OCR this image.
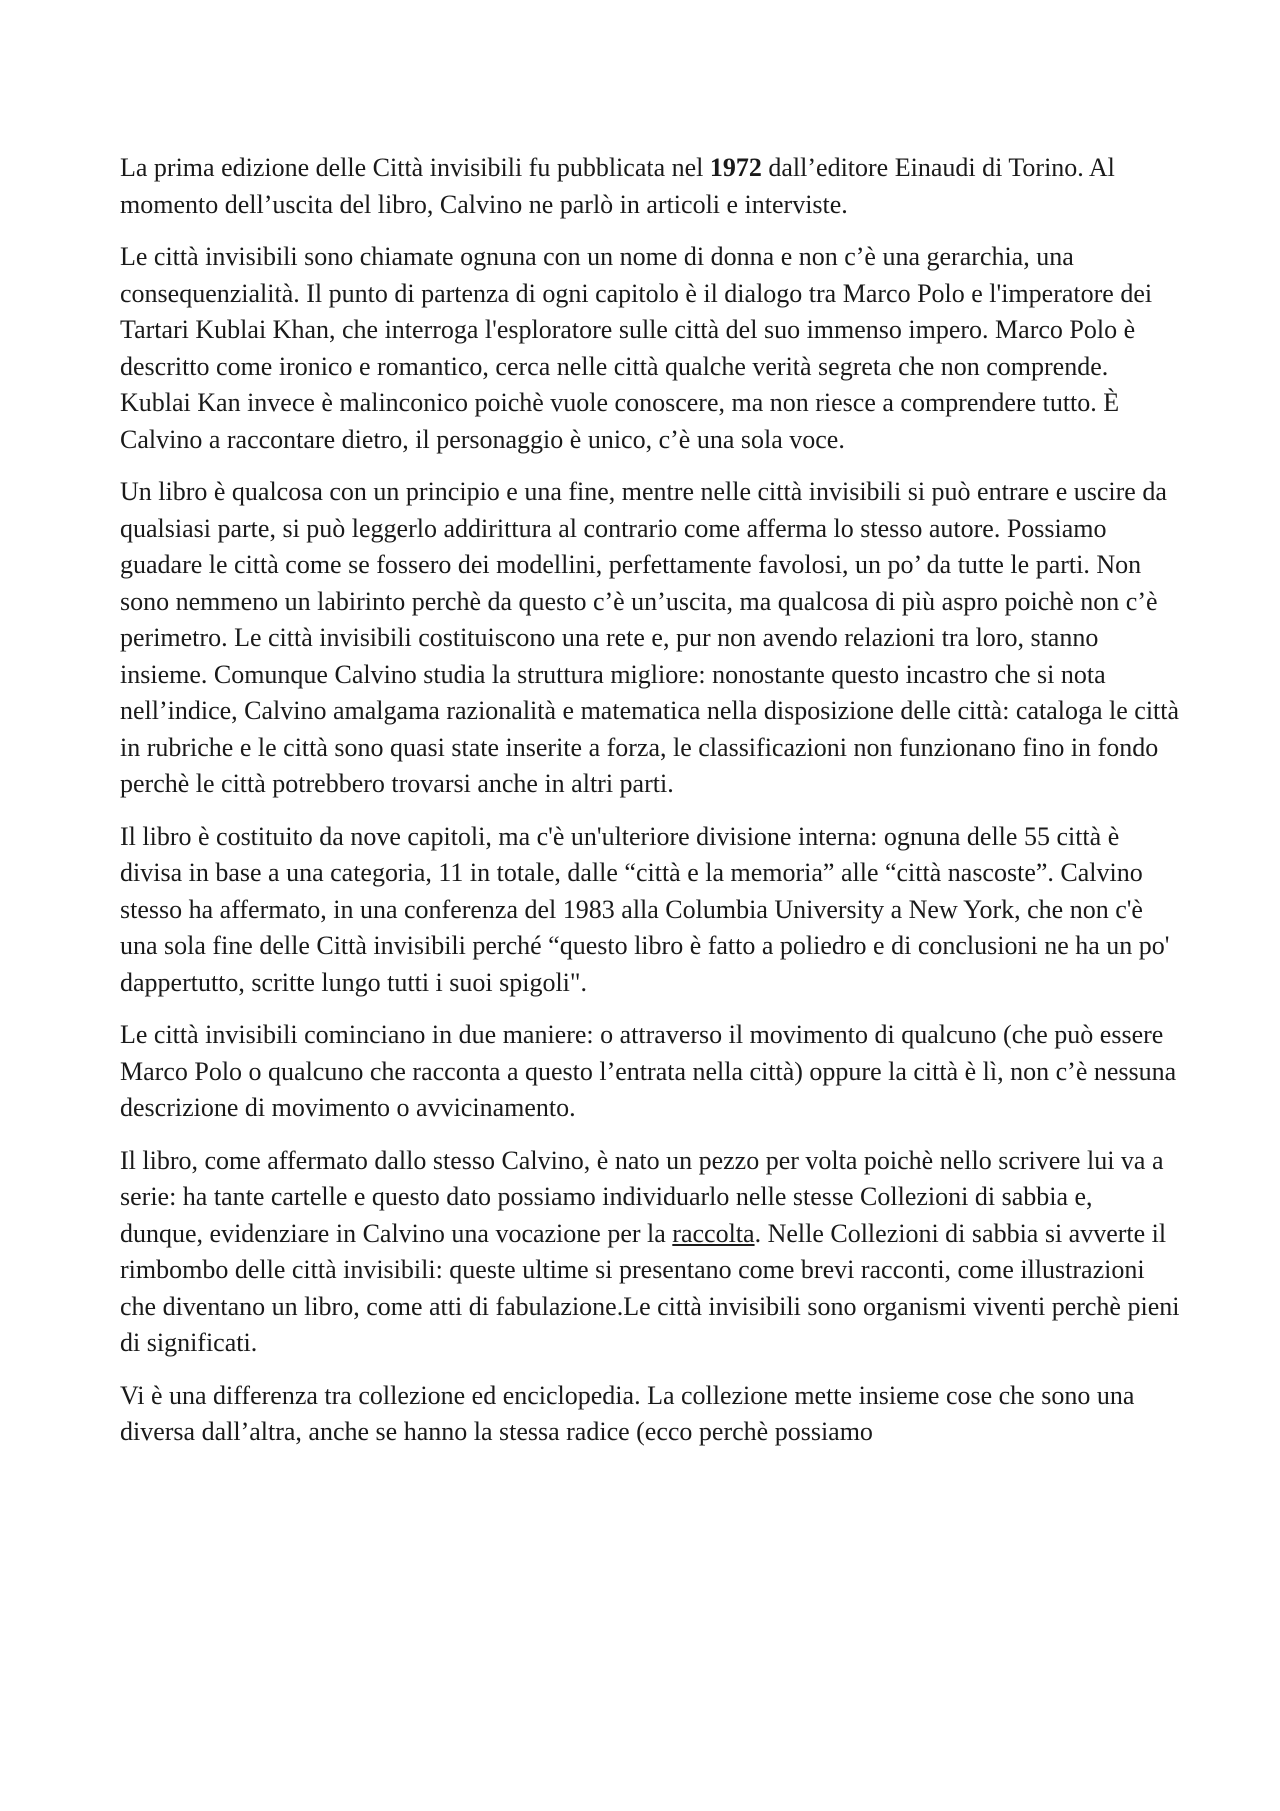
La prima edizione delle Città invisibili fu pubblicata nel 1972 dall’editore Einaudi di Torino. Al momento dell’uscita del libro, Calvino ne parlò in articoli e interviste.

Le città invisibili sono chiamate ognuna con un nome di donna e non c’è una gerarchia, una consequenzialità. Il punto di partenza di ogni capitolo è il dialogo tra Marco Polo e l'imperatore dei Tartari Kublai Khan, che interroga l'esploratore sulle città del suo immenso impero. Marco Polo è descritto come ironico e romantico, cerca nelle città qualche verità segreta che non comprende. Kublai Kan invece è malinconico poichè vuole conoscere, ma non riesce a comprendere tutto. È Calvino a raccontare dietro, il personaggio è unico, c’è una sola voce.

Un libro è qualcosa con un principio e una fine, mentre nelle città invisibili si può entrare e uscire da qualsiasi parte, si può leggerlo addirittura al contrario come afferma lo stesso autore. Possiamo guadare le città come se fossero dei modellini, perfettamente favolosi, un po’ da tutte le parti. Non sono nemmeno un labirinto perchè da questo c’è un’uscita, ma qualcosa di più aspro poichè non c’è perimetro. Le città invisibili costituiscono una rete e, pur non avendo relazioni tra loro, stanno insieme. Comunque Calvino studia la struttura migliore: nonostante questo incastro che si nota nell’indice, Calvino amalgama razionalità e matematica nella disposizione delle città: cataloga le città in rubriche e le città sono quasi state inserite a forza, le classificazioni non funzionano fino in fondo perchè le città potrebbero trovarsi anche in altri parti.

Il libro è costituito da nove capitoli, ma c'è un'ulteriore divisione interna: ognuna delle 55 città è divisa in base a una categoria, 11 in totale, dalle “città e la memoria” alle “città nascoste”. Calvino stesso ha affermato, in una conferenza del 1983 alla Columbia University a New York, che non c'è una sola fine delle Città invisibili perché “questo libro è fatto a poliedro e di conclusioni ne ha un po' dappertutto, scritte lungo tutti i suoi spigoli".

Le città invisibili cominciano in due maniere: o attraverso il movimento di qualcuno (che può essere Marco Polo o qualcuno che racconta a questo l’entrata nella città) oppure la città è lì, non c’è nessuna descrizione di movimento o avvicinamento.

Il libro, come affermato dallo stesso Calvino, è nato un pezzo per volta poichè nello scrivere lui va a serie: ha tante cartelle e questo dato possiamo individuarlo nelle stesse Collezioni di sabbia e, dunque, evidenziare in Calvino una vocazione per la raccolta. Nelle Collezioni di sabbia si avverte il rimbombo delle città invisibili: queste ultime si presentano come brevi racconti, come illustrazioni che diventano un libro, come atti di fabulazione.Le città invisibili sono organismi viventi perchè pieni di significati.

Vi è una differenza tra collezione ed enciclopedia. La collezione mette insieme cose che sono una diversa dall’altra, anche se hanno la stessa radice (ecco perchè possiamo
